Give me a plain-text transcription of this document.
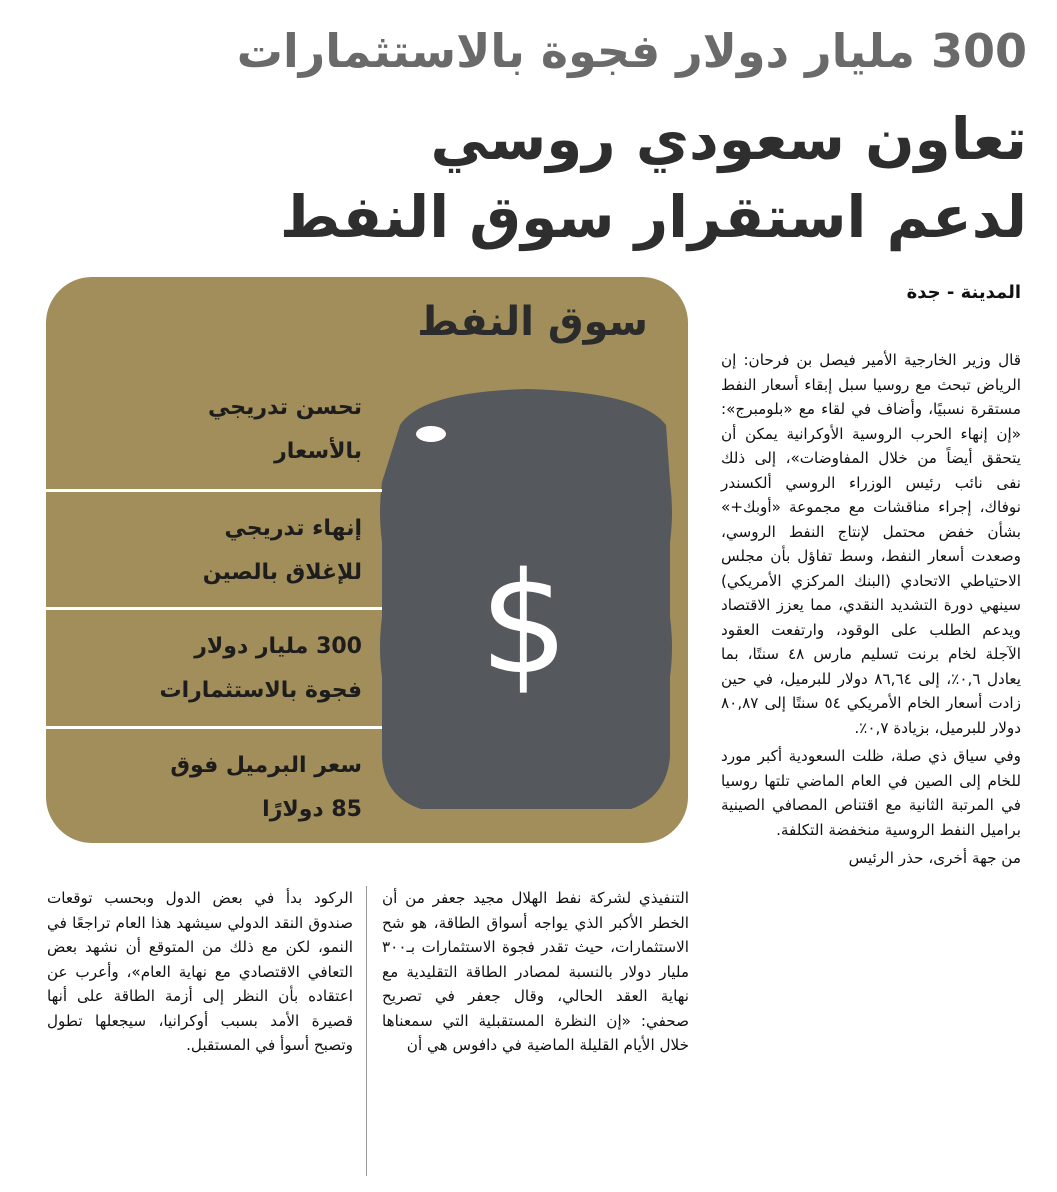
300 مليار دولار فجوة بالاستثمارات
تعاون سعودي روسي
لدعم استقرار سوق النفط
المدينة - جدة
$
سوق النفط
تحسن تدريجي
بالأسعار
إنهاء تدريجي
للإغلاق بالصين
300 مليار دولار
فجوة بالاستثمارات
سعر البرميل فوق
85 دولارًا

قال وزير الخارجية الأمير فيصل بن فرحان: إن الرياض تبحث مع روسيا سبل إبقاء أسعار النفط مستقرة نسبيًا، وأضاف في لقاء مع «بلومبرج»: «إن إنهاء الحرب الروسية الأوكرانية يمكن أن يتحقق أيضاً من خلال المفاوضات»، إلى ذلك نفى نائب رئيس الوزراء الروسي ألكسندر نوفاك، إجراء مناقشات مع مجموعة «أوبك+» بشأن خفض محتمل لإنتاج النفط الروسي، وصعدت أسعار النفط، وسط تفاؤل بأن مجلس الاحتياطي الاتحادي (البنك المركزي الأمريكي) سينهي دورة التشديد النقدي، مما يعزز الاقتصاد ويدعم الطلب على الوقود، وارتفعت العقود الآجلة لخام برنت تسليم مارس ٤٨ سنتًا، بما يعادل ٠,٦٪، إلى ٨٦,٦٤ دولار للبرميل، في حين زادت أسعار الخام الأمريكي ٥٤ سنتًا إلى ٨٠,٨٧ دولار للبرميل، بزيادة ٠,٧٪.

وفي سياق ذي صلة، ظلت السعودية أكبر مورد للخام إلى الصين في العام الماضي تلتها روسيا في المرتبة الثانية مع اقتناص المصافي الصينية براميل النفط الروسية منخفضة التكلفة.

من جهة أخرى، حذر الرئيس

التنفيذي لشركة نفط الهلال مجيد جعفر من أن الخطر الأكبر الذي يواجه أسواق الطاقة، هو شح الاستثمارات، حيث تقدر فجوة الاستثمارات بـ٣٠٠ مليار دولار بالنسبة لمصادر الطاقة التقليدية مع نهاية العقد الحالي، وقال جعفر في تصريح صحفي: «إن النظرة المستقبلية التي سمعناها خلال الأيام القليلة الماضية في دافوس هي أن

الركود بدأ في بعض الدول وبحسب توقعات صندوق النقد الدولي سيشهد هذا العام تراجعًا في النمو، لكن مع ذلك من المتوقع أن نشهد بعض التعافي الاقتصادي مع نهاية العام»، وأعرب عن اعتقاده بأن النظر إلى أزمة الطاقة على أنها قصيرة الأمد بسبب أوكرانيا، سيجعلها تطول وتصبح أسوأ في المستقبل.
